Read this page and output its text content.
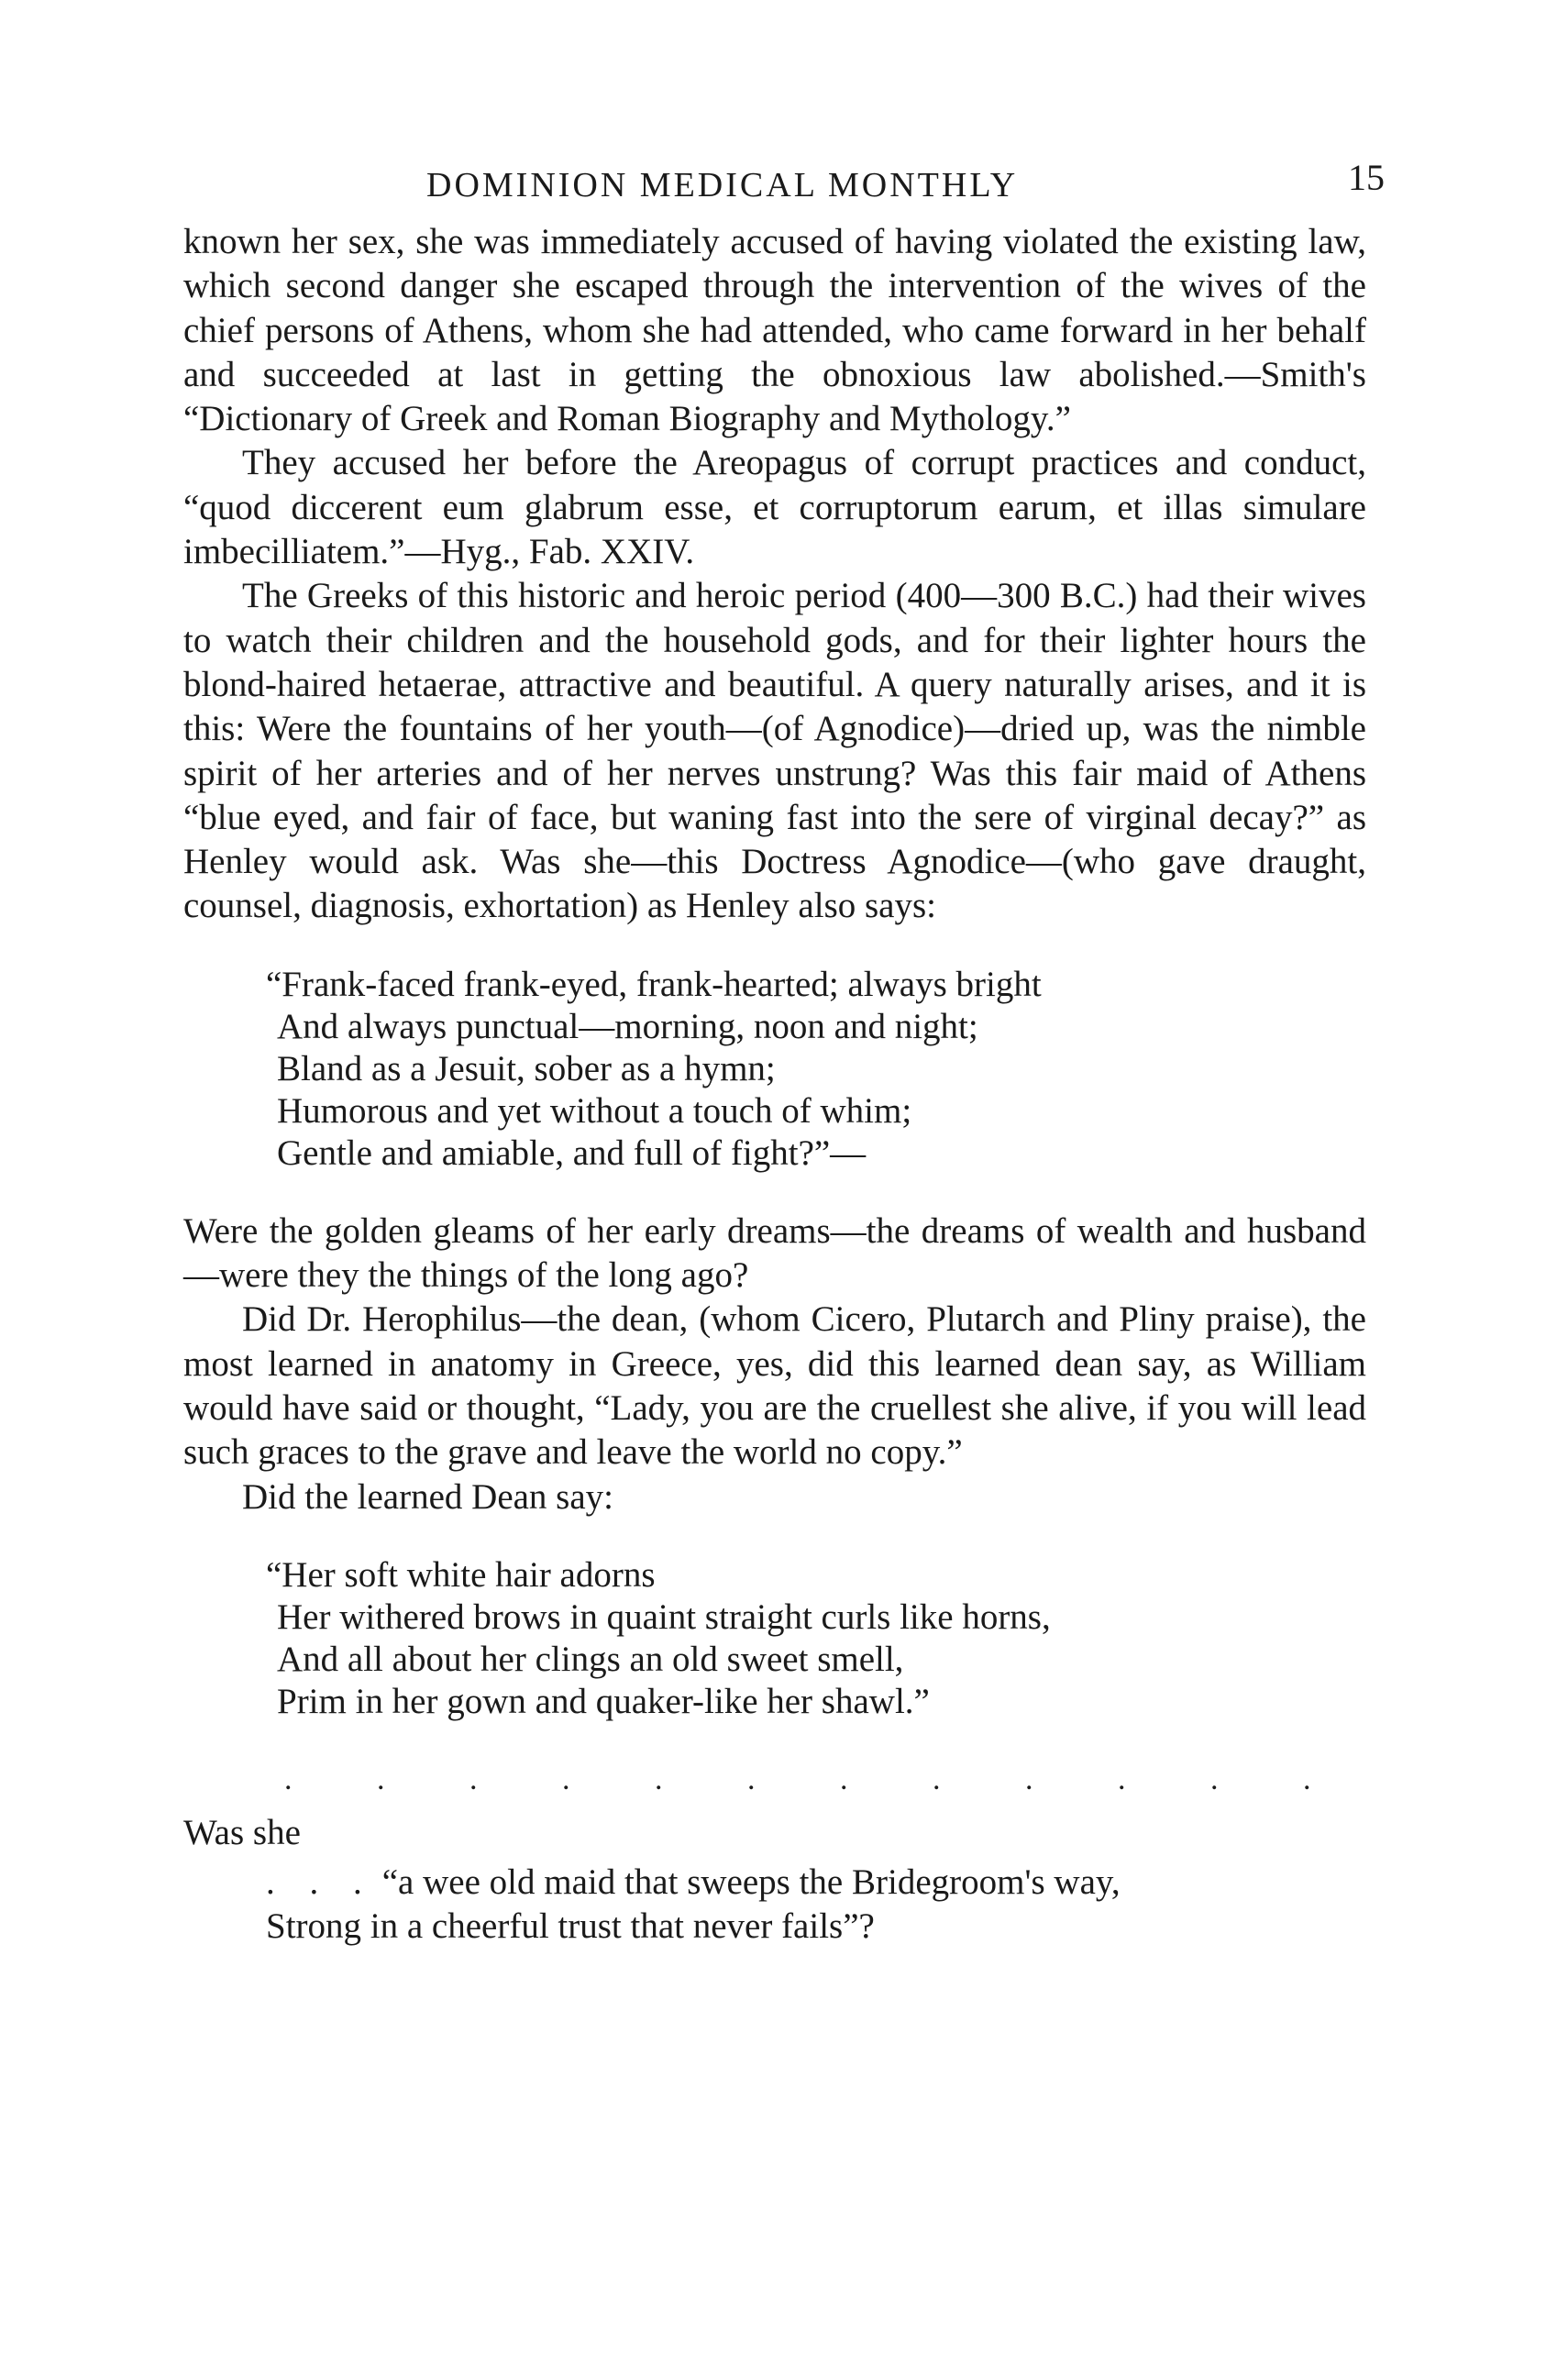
DOMINION MEDICAL MONTHLY	15

known her sex, she was immediately accused of having violated the existing law, which second danger she escaped through the intervention of the wives of the chief persons of Athens, whom she had attended, who came forward in her behalf and succeeded at last in getting the obnoxious law abolished.—Smith's “Dictionary of Greek and Roman Biography and Mythology.”

They accused her before the Areopagus of corrupt practices and conduct, “quod diccerent eum glabrum esse, et corruptorum earum, et illas simulare imbecilliatem.”—Hyg., Fab. XXIV.

The Greeks of this historic and heroic period (400—300 B.C.) had their wives to watch their children and the household gods, and for their lighter hours the blond-haired hetaerae, attractive and beautiful. A query naturally arises, and it is this: Were the fountains of her youth—(of Agnodice)—dried up, was the nimble spirit of her arteries and of her nerves unstrung? Was this fair maid of Athens “blue eyed, and fair of face, but waning fast into the sere of virginal decay?” as Henley would ask. Was she—this Doctress Agnodice—(who gave draught, counsel, diagnosis, exhortation) as Henley also says:

“Frank-faced frank-eyed, frank-hearted; always bright
And always punctual—morning, noon and night;
Bland as a Jesuit, sober as a hymn;
Humorous and yet without a touch of whim;
Gentle and amiable, and full of fight?”—

Were the golden gleams of her early dreams—the dreams of wealth and husband—were they the things of the long ago?

Did Dr. Herophilus—the dean, (whom Cicero, Plutarch and Pliny praise), the most learned in anatomy in Greece, yes, did this learned dean say, as William would have said or thought, “Lady, you are the cruellest she alive, if you will lead such graces to the grave and leave the world no copy.”

Did the learned Dean say:

“Her soft white hair adorns
Her withered brows in quaint straight curls like horns,
And all about her clings an old sweet smell,
Prim in her gown and quaker-like her shawl.”
. . . . . . . . . . . .

Was she

. . . “a wee old maid that sweeps the Bridegroom's way,
Strong in a cheerful trust that never fails”?
